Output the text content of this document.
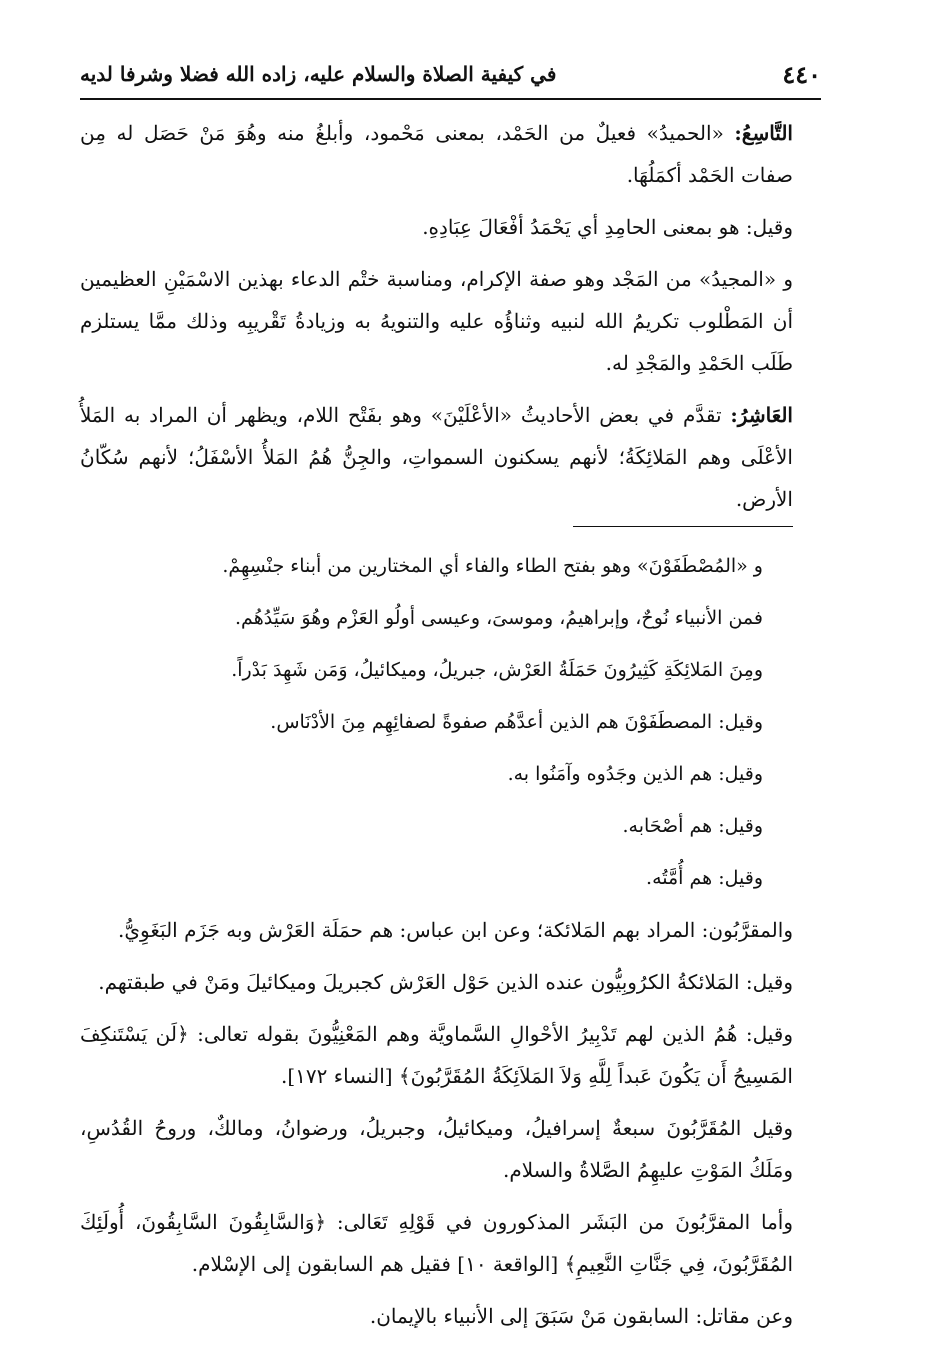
٤٤٠
في كيفية الصلاة والسلام عليه، زاده الله فضلا وشرفا لديه

التَّاسِعُ: «الحميدُ» فعيلٌ من الحَمْد، بمعنى مَحْمود، وأبلغُ منه وهُوَ مَنْ حَصَل له مِن صفات الحَمْد أكمَلُهَا.

وقيل: هو بمعنى الحامِدِ أي يَحْمَدُ أفْعَالَ عِبَادِهِ.

و «المجيدُ» من المَجْد وهو صفة الإكرام، ومناسبة ختْم الدعاء بهذين الاسْمَيْنِ العظيمين أن المَطْلوب تكريمُ الله لنبيه وثناؤُه عليه والتنويهُ به وزيادةُ تَقْريبِه وذلك ممَّا يستلزم طَلَب الحَمْدِ والمَجْدِ له.

العَاشِرُ: تقدَّم في بعض الأحاديثُ «الأعْلَيْنَ» وهو بفَتْح اللام، ويظهر أن المراد به المَلأُ الأعْلَى وهم المَلائِكَةُ؛ لأنهم يسكنون السمواتِ، والجِنُّ هُمُ المَلأُ الأسْفَلُ؛ لأنهم سُكّانُ الأرض.

و «المُصْطَفَوْنَ» وهو بفتح الطاء والفاء أي المختارين من أبناء جنْسِهِمْ.

فمن الأنبياء نُوحٌ، وإبراهيمُ، وموسىَ، وعيسى أولُو العَزْم وهُوَ سَيِّدُهُم.

ومِنَ المَلائِكَةِ كَثِيرُونَ حَمَلَةُ العَرْش، جبريلُ، وميكائيلُ، وَمَن شَهِدَ بَدْراً.

وقيل: المصطَفَوْنَ هم الذين أعدَّهُم صفوةً لصفائِهِم مِنَ الأدْنَاس.

وقيل: هم الذين وجَدُوه وآمَنُوا به.

وقيل: هم أصْحَابه.

وقيل: هم أُمَّتُه.

والمقرَّبُون: المراد بهم المَلائكة؛ وعن ابن عباس: هم حمَلَة العَرْش وبه جَزَم البَغَوِيُّ.

وقيل: المَلائكةُ الكرُوبِيُّون عنده الذين حَوْل العَرْش كجبريلَ وميكائيلَ ومَنْ في طبقتهم.

وقيل: هُمُ الذين لهم تَدْبِيرُ الأحْوالِ السَّماويَّة وهم المَعْنِيُّونَ بقوله تعالى: ﴿لَن يَسْتَنكِفَ المَسِيحُ أَن يَكُونَ عَبداً لِلَّهِ وَلاَ المَلاَئِكَةُ المُقَرَّبُونَ﴾ [النساء ١٧٢].

وقيل المُقَرَّبُونَ سبعةٌ إسرافيلُ، وميكائيلُ، وجبريلُ، ورضوانُ، ومالكٌ، وروحُ القُدُسِ، ومَلَكُ المَوْتِ عليهِمُ الصَّلاةُ والسلام.

وأما المقرَّبُونَ من البَشَر المذكورون في قَوْلِهِ تَعَالى: ﴿وَالسَّابِقُونَ السَّابِقُونَ، أُولَئِكَ المُقَرَّبُونَ، فِي جَنَّاتِ النَّعِيمِ﴾ [الواقعة ١٠] فقيل هم السابقون إلى الإسْلام.

وعن مقاتل: السابقون مَنْ سَبَقَ إلى الأنبياء بالإيمان.
